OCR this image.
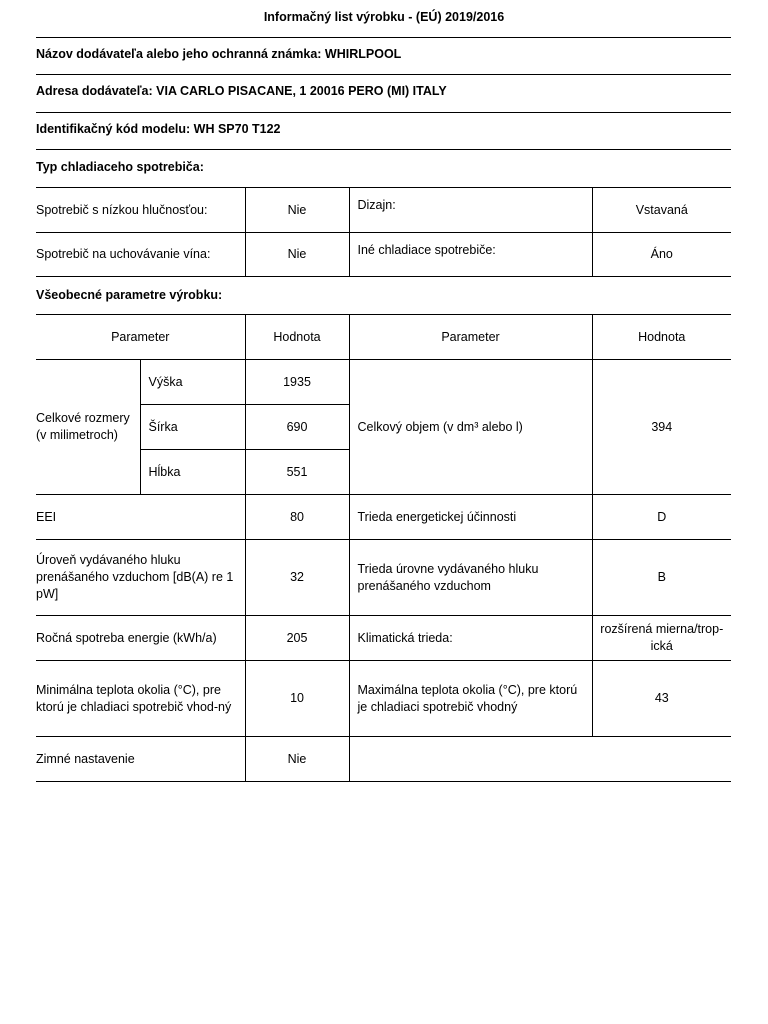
Informačný list výrobku - (EÚ) 2019/2016
Názov dodávateľa alebo jeho ochranná známka: WHIRLPOOL
Adresa dodávateľa: VIA CARLO PISACANE, 1 20016 PERO (MI) ITALY
Identifikačný kód modelu: WH SP70 T122
Typ chladiaceho spotrebiča:
Spotrebič s nízkou hlučnosťou:	Nie	Dizajn:	Vstavaná
Spotrebič na uchovávanie vína:	Nie	Iné chladiace spotrebiče:	Áno
Všeobecné parametre výrobku:
Parameter		Hodnota	Parameter	Hodnota
Celkové rozmery (v milimetroch)	Výška	1935	Celkový objem (v dm³ alebo l)	394
	Šírka	690		
	Hĺbka	551		
EEI		80	Trieda energetickej účinnosti	D
Úroveň vydávaného hluku prenášaného vzduchom [dB(A) re 1 pW]		32	Trieda úrovne vydávaného hluku prenášaného vzduchom	B
Ročná spotreba energie (kWh/a)		205	Klimatická trieda:	rozšírená mierna/trop-ická
Minimálna teplota okolia (°C), pre ktorú je chladiaci spotrebič vhod-ný		10	Maximálna teplota okolia (°C), pre ktorú je chladiaci spotrebič vhodný	43
Zimné nastavenie		Nie		
